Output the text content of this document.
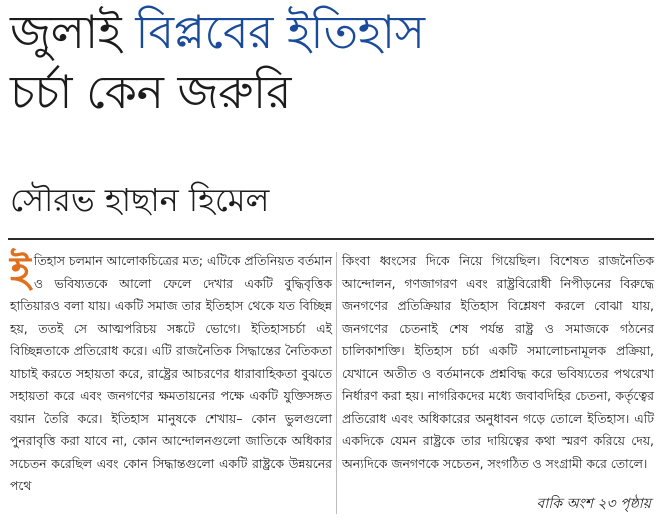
জুলাই বিপ্লবের ইতিহাস
চর্চা কেন জরুরি
সৌরভ হাছান হিমেল
ইতিহাস চলমান আলোকচিত্রের মত; এটিকে প্রতিনিয়ত বর্তমান ও ভবিষ্যতকে আলো ফেলে দেখার একটি বুদ্ধিবৃত্তিক হাতিয়ারও বলা যায়। একটি সমাজ তার ইতিহাস থেকে যত বিচ্ছিন্ন হয়, ততই সে আত্মপরিচয় সঙ্কটে ভোগে। ইতিহাসচর্চা এই বিচ্ছিন্নতাকে প্রতিরোধ করে। এটি রাজনৈতিক সিদ্ধান্তের নৈতিকতা যাচাই করতে সহায়তা করে, রাষ্ট্রের আচরণের ধারাবাহিকতা বুঝতে সহায়তা করে এবং জনগণের ক্ষমতায়নের পক্ষে একটি যুক্তিসঙ্গত বয়ান তৈরি করে। ইতিহাস মানুষকে শেখায়– কোন ভুলগুলো পুনরাবৃত্তি করা যাবে না, কোন আন্দোলনগুলো জাতিকে অধিকার সচেতন করেছিল এবং কোন সিদ্ধান্তগুলো একটি রাষ্ট্রকে উন্নয়নের পথে
কিংবা ধ্বংসের দিকে নিয়ে গিয়েছিল। বিশেষত রাজনৈতিক আন্দোলন, গণজাগরণ এবং রাষ্ট্রবিরোধী নিপীড়নের বিরুদ্ধে জনগণের প্রতিক্রিয়ার ইতিহাস বিশ্লেষণ করলে বোঝা যায়, জনগণের চেতনাই শেষ পর্যন্ত রাষ্ট্র ও সমাজকে গঠনের চালিকাশক্তি। ইতিহাস চর্চা একটি সমালোচনামূলক প্রক্রিয়া, যেখানে অতীত ও বর্তমানকে প্রশ্নবিদ্ধ করে ভবিষ্যতের পথরেখা নির্ধারণ করা হয়। নাগরিকদের মধ্যে জবাবদিহির চেতনা, কর্তৃত্বের প্রতিরোধ এবং অধিকারের অনুধাবন গড়ে তোলে ইতিহাস। এটি একদিকে যেমন রাষ্ট্রকে তার দায়িত্বের কথা স্মরণ করিয়ে দেয়, অন্যদিকে জনগণকে সচেতন, সংগঠিত ও সংগ্রামী করে তোলে।
বাকি অংশ ২৩ পৃষ্ঠায়
